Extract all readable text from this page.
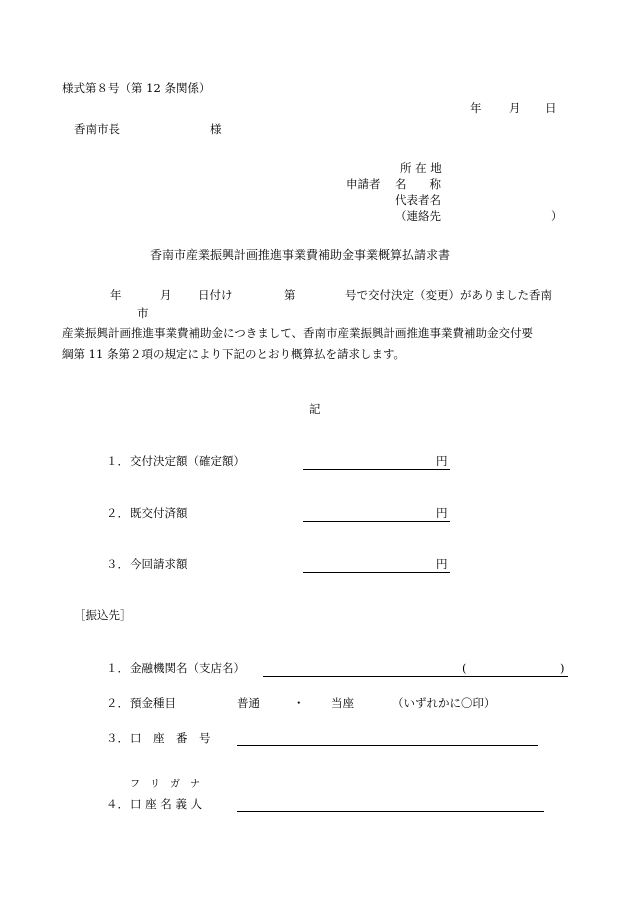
様式第８号（第 12 条関係）
年 月 日
香南市長	様
所 在 地
申請者 名　　称
代表者名
（連絡先	）
香南市産業振興計画推進事業費補助金事業概算払請求書
年	月 日付け	第	号で交付決定（変更）がありました香南
市
産業振興計画推進事業費補助金につきまして、香南市産業振興計画推進事業費補助金交付要
綱第 11 条第２項の規定により下記のとおり概算払を請求します。
記
１． 交付決定額（確定額）	円
２． 既交付済額	円
３． 今回請求額	円
［振込先］
１． 金融機関名（支店名）	(	)
２． 預金種目	普通	・ 当座	（いずれかに〇印）
３． 口　座　番　号
フ　リ　ガ　ナ
４． 口 座 名 義 人
